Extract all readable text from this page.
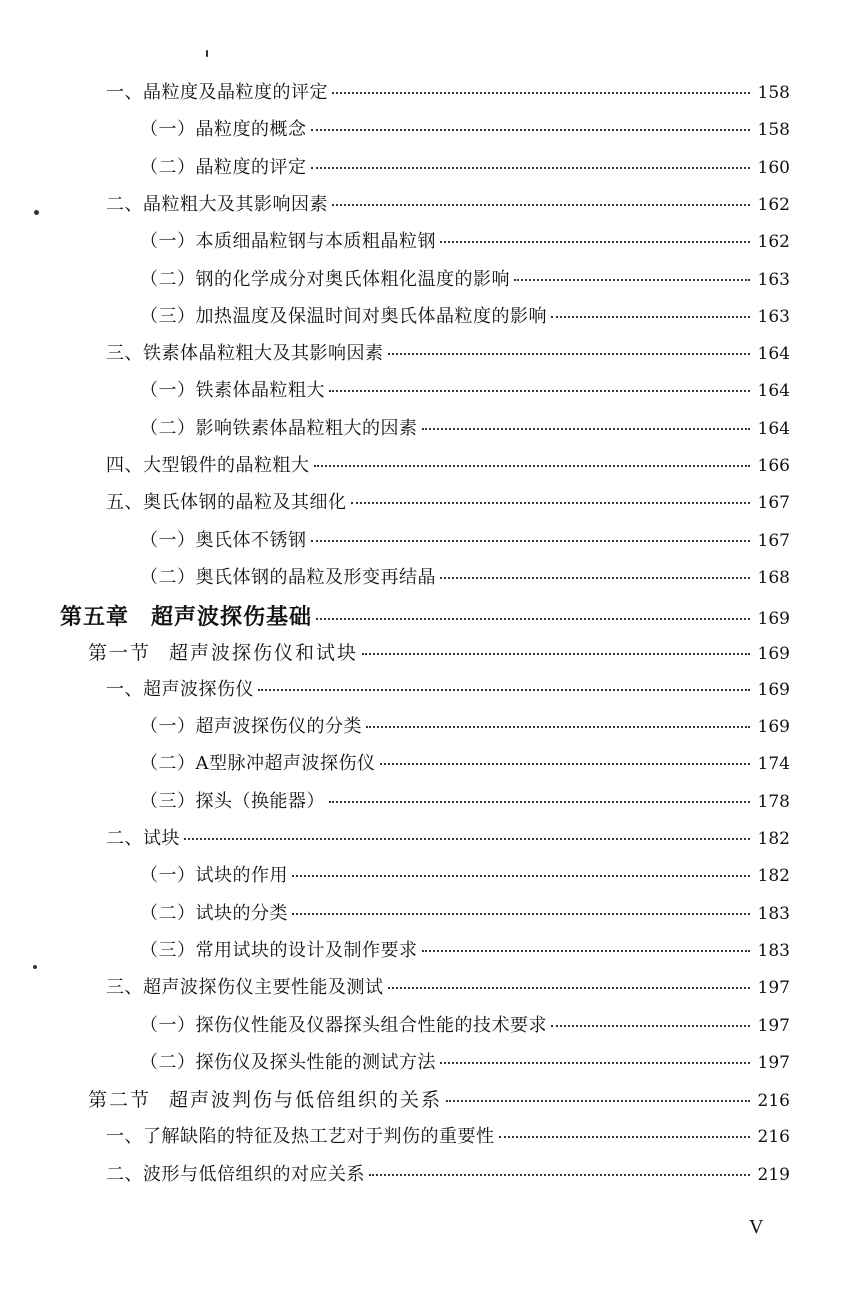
一、晶粒度及晶粒度的评定	158
（一）晶粒度的概念	158
（二）晶粒度的评定	160
二、晶粒粗大及其影响因素	162
（一）本质细晶粒钢与本质粗晶粒钢	162
（二）钢的化学成分对奥氏体粗化温度的影响	163
（三）加热温度及保温时间对奥氏体晶粒度的影响	163
三、铁素体晶粒粗大及其影响因素	164
（一）铁素体晶粒粗大	164
（二）影响铁素体晶粒粗大的因素	164
四、大型锻件的晶粒粗大	166
五、奥氏体钢的晶粒及其细化	167
（一）奥氏体不锈钢	167
（二）奥氏体钢的晶粒及形变再结晶	168
第五章 超声波探伤基础	169
第一节 超声波探伤仪和试块	169
一、超声波探伤仪	169
（一）超声波探伤仪的分类	169
（二）A型脉冲超声波探伤仪	174
（三）探头（换能器）	178
二、试块	182
（一）试块的作用	182
（二）试块的分类	183
（三）常用试块的设计及制作要求	183
三、超声波探伤仪主要性能及测试	197
（一）探伤仪性能及仪器探头组合性能的技术要求	197
（二）探伤仪及探头性能的测试方法	197
第二节 超声波判伤与低倍组织的关系	216
一、了解缺陷的特征及热工艺对于判伤的重要性	216
二、波形与低倍组织的对应关系	219
V
